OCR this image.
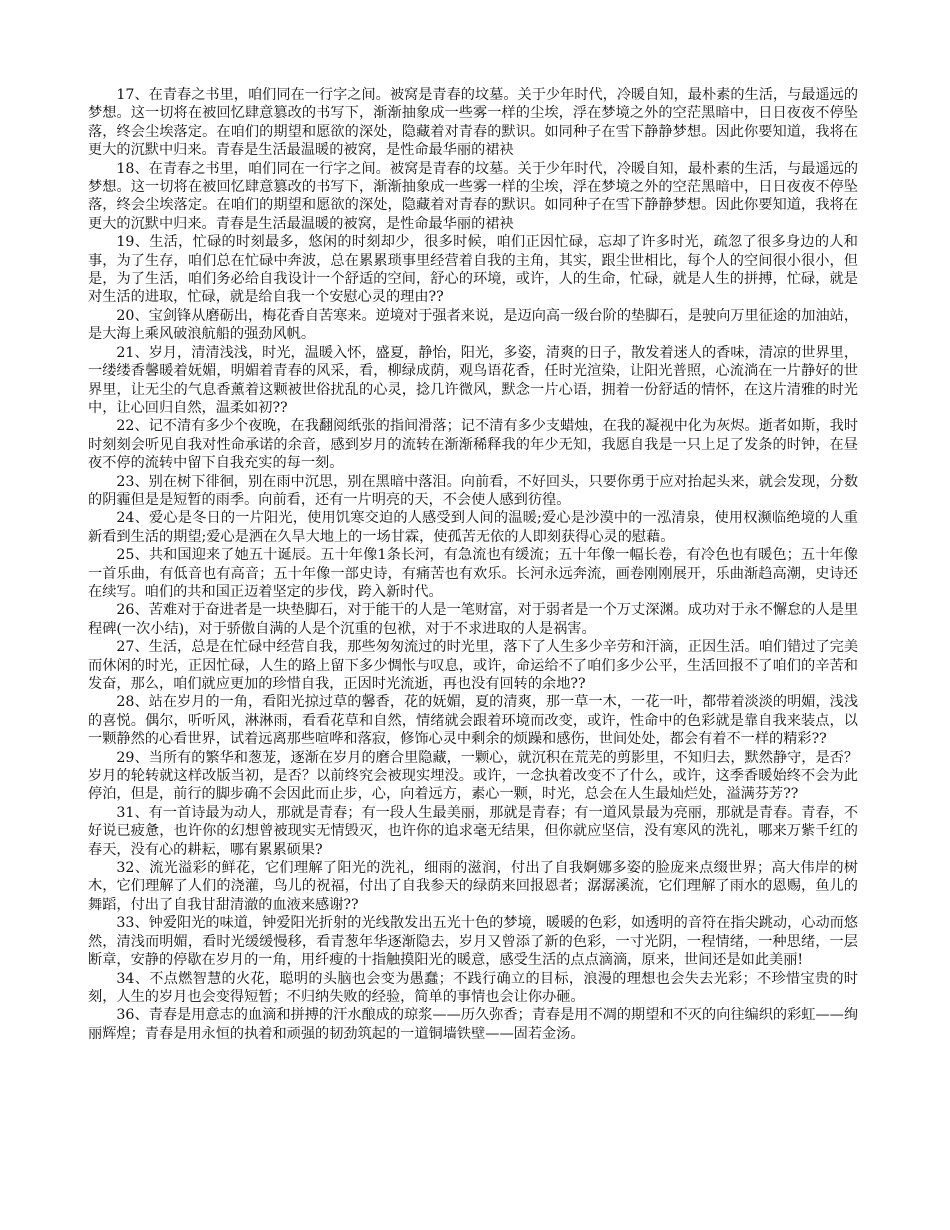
17、在青春之书里，咱们同在一行字之间。被窝是青春的坟墓。关于少年时代，冷暖自知，最朴素的生活，与最遥远的梦想。这一切将在被回忆肆意篡改的书写下，渐渐抽象成一些雾一样的尘埃，浮在梦境之外的空茫黑暗中，日日夜夜不停坠落，终会尘埃落定。在咱们的期望和愿欲的深处，隐藏着对青春的默识。如同种子在雪下静静梦想。因此你要知道，我将在更大的沉默中归来。青春是生活最温暖的被窝，是性命最华丽的裙袂

18、在青春之书里，咱们同在一行字之间。被窝是青春的坟墓。关于少年时代，冷暖自知，最朴素的生活，与最遥远的梦想。这一切将在被回忆肆意篡改的书写下，渐渐抽象成一些雾一样的尘埃，浮在梦境之外的空茫黑暗中，日日夜夜不停坠落，终会尘埃落定。在咱们的期望和愿欲的深处，隐藏着对青春的默识。如同种子在雪下静静梦想。因此你要知道，我将在更大的沉默中归来。青春是生活最温暖的被窝，是性命最华丽的裙袂

19、生活，忙碌的时刻最多，悠闲的时刻却少，很多时候，咱们正因忙碌，忘却了许多时光，疏忽了很多身边的人和事，为了生存，咱们总在忙碌中奔波，总在累累琐事里经营着自我的主角，其实，跟尘世相比，每个人的空间很小很小，但是，为了生活，咱们务必给自我设计一个舒适的空间，舒心的环境，或许，人的生命，忙碌，就是人生的拼搏，忙碌，就是对生活的进取，忙碌，就是给自我一个安慰心灵的理由??

20、宝剑锋从磨砺出，梅花香自苦寒来。逆境对于强者来说，是迈向高一级台阶的垫脚石，是驶向万里征途的加油站，是大海上乘风破浪航船的强劲风帆。

21、岁月，清清浅浅，时光，温暖入怀，盛夏，静怡，阳光，多姿，清爽的日子，散发着迷人的香味，清凉的世界里，一缕缕香馨暖着妩媚，明媚着青春的风采，看，柳绿成荫，观鸟语花香，任时光渲染，让阳光普照，心流淌在一片静好的世界里，让无尘的气息香薰着这颗被世俗扰乱的心灵，捻几许微风，默念一片心语，拥着一份舒适的情怀，在这片清雅的时光中，让心回归自然，温柔如初??

22、记不清有多少个夜晚，在我翻阅纸张的指间滑落；记不清有多少支蜡烛，在我的凝视中化为灰烬。逝者如斯，我时时刻刻会听见自我对性命承诺的余音，感到岁月的流转在渐渐稀释我的年少无知，我愿自我是一只上足了发条的时钟，在昼夜不停的流转中留下自我充实的每一刻。

23、别在树下徘徊，别在雨中沉思，别在黑暗中落泪。向前看，不好回头，只要你勇于应对抬起头来，就会发现，分数的阴霾但是是短暂的雨季。向前看，还有一片明亮的天，不会使人感到彷徨。

24、爱心是冬日的一片阳光，使用饥寒交迫的人感受到人间的温暖;爱心是沙漠中的一泓清泉，使用权濒临绝境的人重新看到生活的期望;爱心是洒在久旱大地上的一场甘霖，使孤苦无依的人即刻获得心灵的慰藉。

25、共和国迎来了她五十诞辰。五十年像1条长河，有急流也有缓流；五十年像一幅长卷，有冷色也有暖色；五十年像一首乐曲，有低音也有高音；五十年像一部史诗，有痛苦也有欢乐。长河永远奔流，画卷刚刚展开，乐曲渐趋高潮，史诗还在续写。咱们的共和国正迈着坚定的步伐，跨入新时代。

26、苦难对于奋进者是一块垫脚石，对于能干的人是一笔财富，对于弱者是一个万丈深渊。成功对于永不懈怠的人是里程碑(一次小结)，对于骄傲自满的人是个沉重的包袱，对于不求进取的人是祸害。

27、生活，总是在忙碌中经营自我，那些匆匆流过的时光里，落下了人生多少辛劳和汗滴，正因生活。咱们错过了完美而休闲的时光，正因忙碌，人生的路上留下多少惆怅与叹息，或许，命运给不了咱们多少公平，生活回报不了咱们的辛苦和发奋，那么，咱们就应更加的珍惜自我，正因时光流逝，再也没有回转的余地??

28、站在岁月的一角，看阳光掠过草的馨香，花的妩媚，夏的清爽，那一草一木，一花一叶，都带着淡淡的明媚，浅浅的喜悦。偶尔，听听风，淋淋雨，看看花草和自然，情绪就会跟着环境而改变，或许，性命中的色彩就是靠自我来装点，以一颗静然的心看世界，试着远离那些喧哗和落寂，修饰心灵中剩余的烦躁和感伤，世间处处，都会有着不一样的精彩??

29、当所有的繁华和葱茏，逐渐在岁月的磨合里隐藏，一颗心，就沉积在荒芜的剪影里，不知归去，默然静守，是否？岁月的轮转就这样改版当初，是否？以前终究会被现实埋没。或许，一念执着改变不了什么，或许，这季香暖始终不会为此停泊，但是，前行的脚步确不会因此而止步，心，向着远方，素心一颗，时光，总会在人生最灿烂处，溢满芬芳??

31、有一首诗最为动人，那就是青春；有一段人生最美丽，那就是青春；有一道风景最为亮丽，那就是青春。青春，不好说已疲惫，也许你的幻想曾被现实无情毁灭，也许你的追求毫无结果，但你就应坚信，没有寒风的洗礼，哪来万紫千红的春天，没有心的耕耘，哪有累累硕果?

32、流光溢彩的鲜花，它们理解了阳光的洗礼，细雨的滋润，付出了自我婀娜多姿的脸庞来点缀世界；高大伟岸的树木，它们理解了人们的浇灌，鸟儿的祝福，付出了自我参天的绿荫来回报恩者；潺潺溪流，它们理解了雨水的恩赐，鱼儿的舞蹈，付出了自我甘甜清澈的血液来感谢??

33、钟爱阳光的味道，钟爱阳光折射的光线散发出五光十色的梦境，暖暖的色彩，如透明的音符在指尖跳动，心动而悠然，清浅而明媚，看时光缓缓慢移，看青葱年华逐渐隐去，岁月又曾添了新的色彩，一寸光阴，一程情绪，一种思绪，一层断章，安静的停歇在岁月的一角，用纤瘦的十指触摸阳光的暖意，感受生活的点点滴滴，原来，世间还是如此美丽!

34、不点燃智慧的火花，聪明的头脑也会变为愚蠢；不践行确立的目标，浪漫的理想也会失去光彩；不珍惜宝贵的时刻，人生的岁月也会变得短暂；不归纳失败的经验，简单的事情也会让你办砸。

36、青春是用意志的血滴和拼搏的汗水酿成的琼浆——历久弥香；青春是用不凋的期望和不灭的向往编织的彩虹——绚丽辉煌；青春是用永恒的执着和顽强的韧劲筑起的一道铜墙铁壁——固若金汤。
